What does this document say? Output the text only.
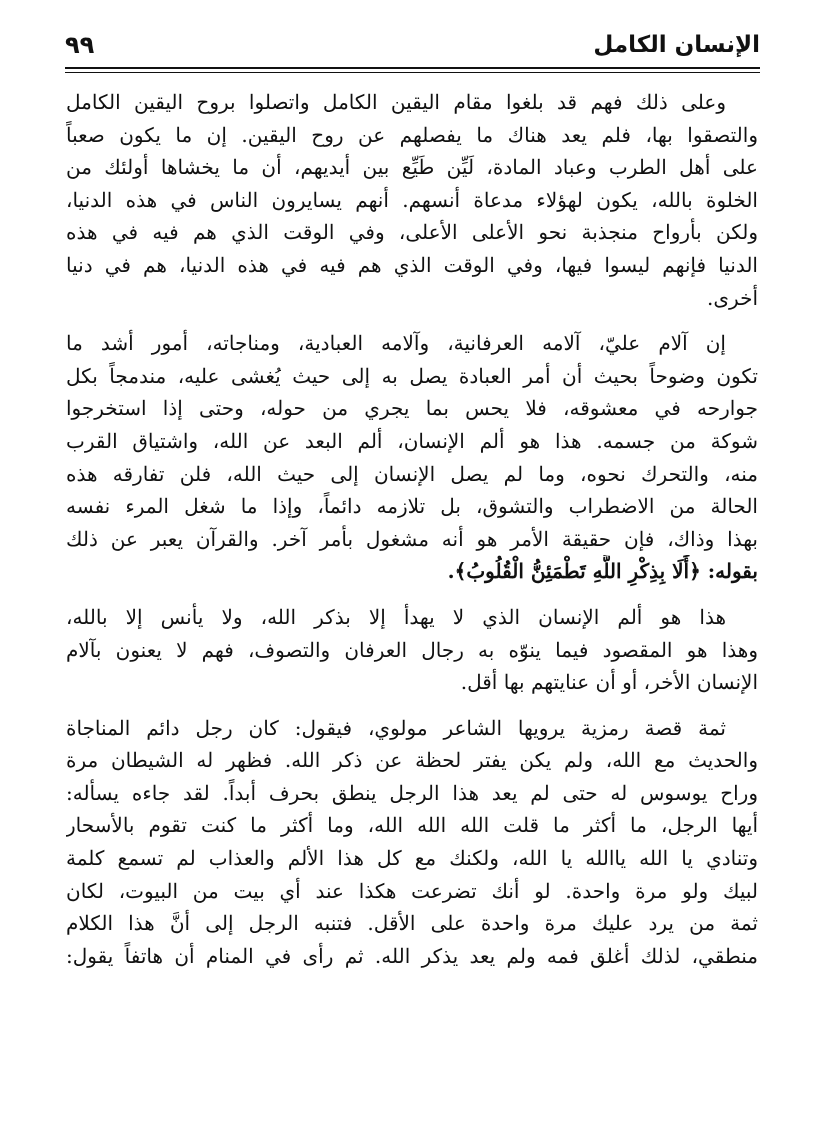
الإنسان الكامل
٩٩

وعلى ذلك فهم قد بلغوا مقام اليقين الكامل واتصلوا بروح اليقين الكامل
والتصقوا بها، فلم يعد هناك ما يفصلهم عن روح اليقين. إن ما يكون صعباً
على أهل الطرب وعباد المادة، لَيِّن طَيِّع بين أيديهم، أن ما يخشاها أولئك من
الخلوة بالله، يكون لهؤلاء مدعاة أنسهم. أنهم يسايرون الناس في هذه الدنيا،
ولكن بأرواح منجذبة نحو الأعلى الأعلى، وفي الوقت الذي هم فيه في هذه
الدنيا فإنهم ليسوا فيها، وفي الوقت الذي هم فيه في هذه الدنيا، هم في دنيا
أخرى.

إن آلام عليّ، آلامه العرفانية، وآلامه العبادية، ومناجاته، أمور أشد ما
تكون وضوحاً بحيث أن أمر العبادة يصل به إلى حيث يُغشى عليه، مندمجاً بكل
جوارحه في معشوقه، فلا يحس بما يجري من حوله، وحتى إذا استخرجوا
شوكة من جسمه. هذا هو ألم الإنسان، ألم البعد عن الله، واشتياق القرب
منه، والتحرك نحوه، وما لم يصل الإنسان إلى حيث الله، فلن تفارقه هذه
الحالة من الاضطراب والتشوق، بل تلازمه دائماً، وإذا ما شغل المرء نفسه
بهذا وذاك، فإن حقيقة الأمر هو أنه مشغول بأمر آخر. والقرآن يعبر عن ذلك
بقوله: ﴿أَلَا بِذِكْرِ اللَّهِ تَطْمَئِنُّ الْقُلُوبُ﴾.

هذا هو ألم الإنسان الذي لا يهدأ إلا بذكر الله، ولا يأنس إلا بالله،
وهذا هو المقصود فيما ينوّه به رجال العرفان والتصوف، فهم لا يعنون بآلام
الإنسان الأخر، أو أن عنايتهم بها أقل.

ثمة قصة رمزية يرويها الشاعر مولوي، فيقول: كان رجل دائم المناجاة
والحديث مع الله، ولم يكن يفتر لحظة عن ذكر الله. فظهر له الشيطان مرة
وراح يوسوس له حتى لم يعد هذا الرجل ينطق بحرف أبداً. لقد جاءه يسأله:
أيها الرجل، ما أكثر ما قلت الله الله الله، وما أكثر ما كنت تقوم بالأسحار
وتنادي يا الله ياالله يا الله، ولكنك مع كل هذا الألم والعذاب لم تسمع كلمة
لبيك ولو مرة واحدة. لو أنك تضرعت هكذا عند أي بيت من البيوت، لكان
ثمة من يرد عليك مرة واحدة على الأقل. فتنبه الرجل إلى أنَّ هذا الكلام
منطقي، لذلك أغلق فمه ولم يعد يذكر الله. ثم رأى في المنام أن هاتفاً يقول:
